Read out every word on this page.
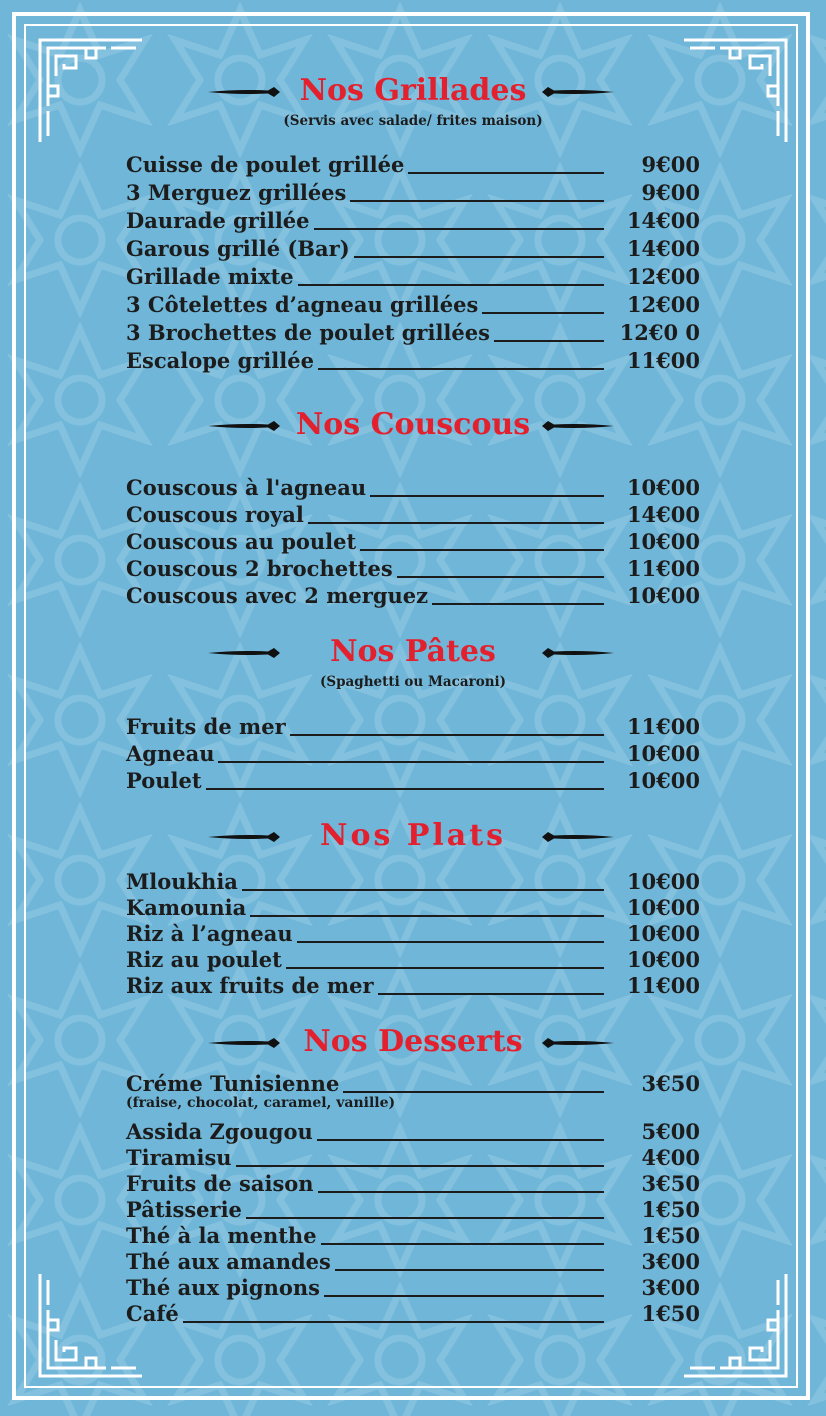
Nos Grillades
(Servis avec salade/ frites maison)
Cuisse de poulet grillée	9€00
3 Merguez grillées	9€00
Daurade grillée	14€00
Garous grillé (Bar)	14€00
Grillade mixte	12€00
3 Côtelettes d’agneau grillées	12€00
3 Brochettes de poulet grillées	12€0 0
Escalope grillée	11€00
Nos Couscous
Couscous à l'agneau	10€00
Couscous royal	14€00
Couscous au poulet	10€00
Couscous 2 brochettes	11€00
Couscous avec 2 merguez	10€00
Nos Pâtes
(Spaghetti ou Macaroni)
Fruits de mer	11€00
Agneau	10€00
Poulet	10€00
Nos Plats
Mloukhia	10€00
Kamounia	10€00
Riz à l’agneau	10€00
Riz au poulet	10€00
Riz aux fruits de mer	11€00
Nos Desserts
Créme Tunisienne	3€50
(fraise, chocolat, caramel, vanille)
Assida Zgougou	5€00
Tiramisu	4€00
Fruits de saison	3€50
Pâtisserie	1€50
Thé à la menthe	1€50
Thé aux amandes	3€00
Thé aux pignons	3€00
Café	1€50
